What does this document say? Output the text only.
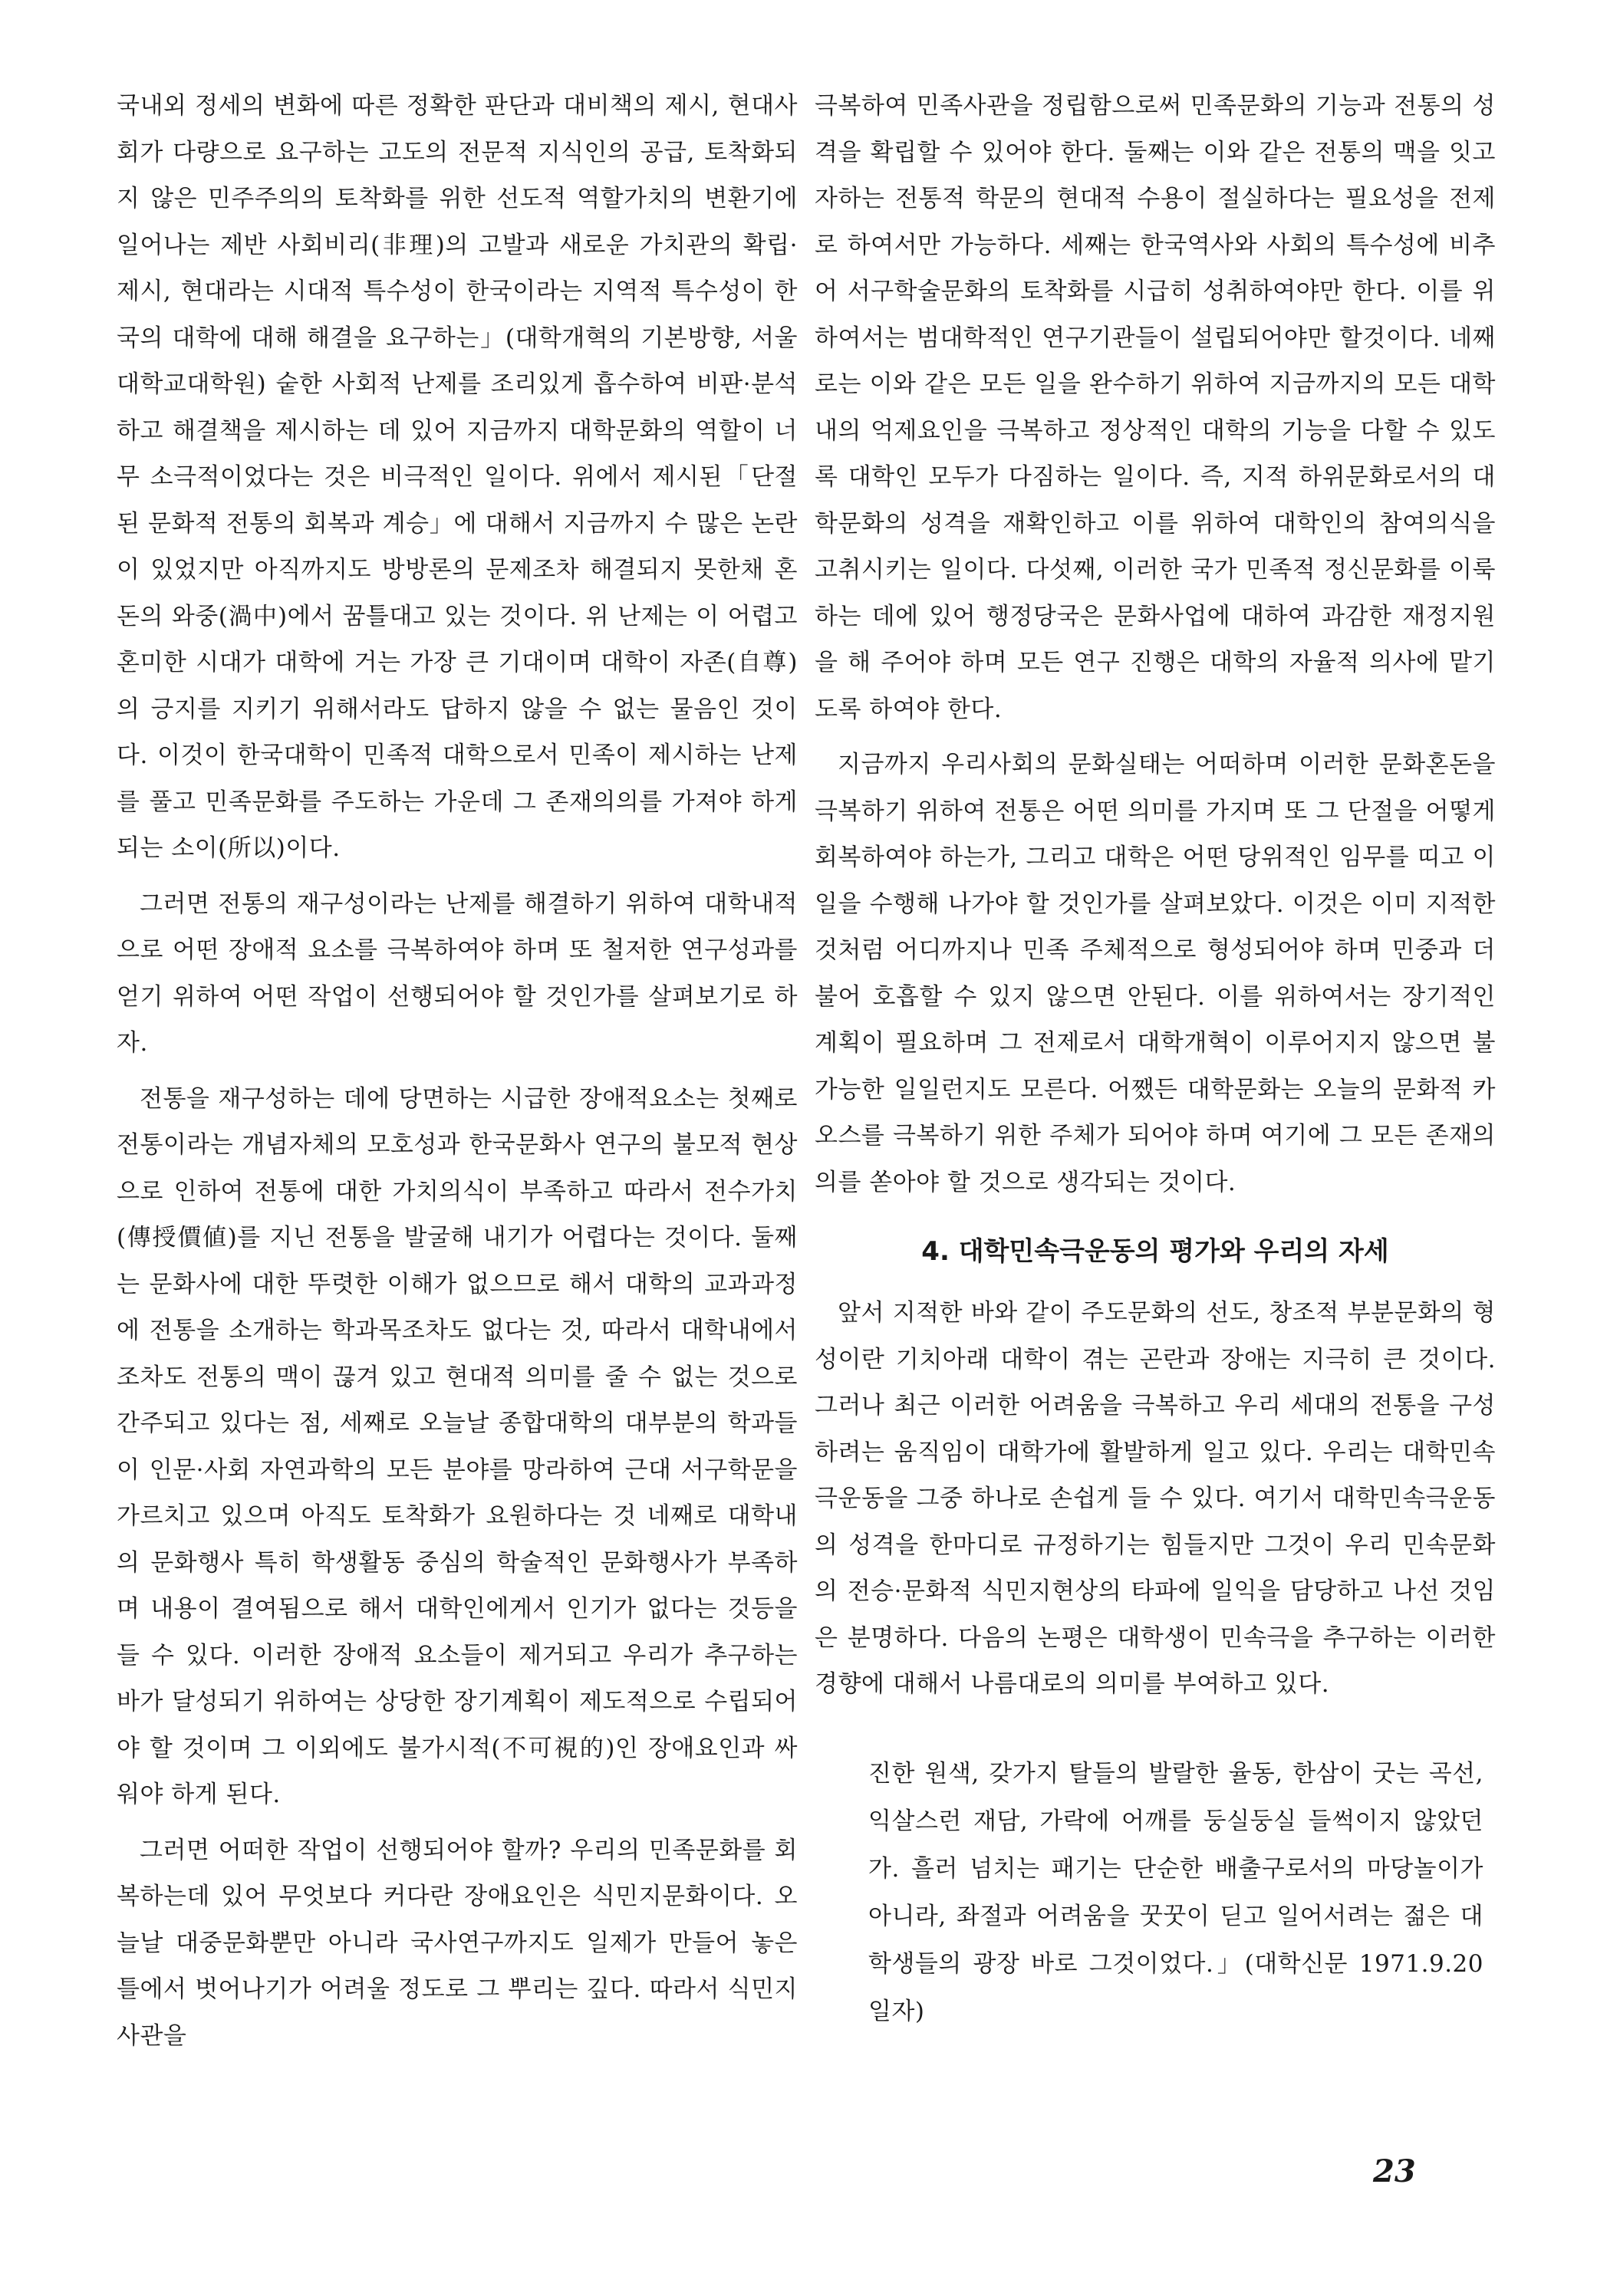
국내외 정세의 변화에 따른 정확한 판단과 대비책의 제시, 현대사회가 다량으로 요구하는 고도의 전문적 지식인의 공급, 토착화되지 않은 민주주의의 토착화를 위한 선도적 역할가치의 변환기에 일어나는 제반 사회비리(非理)의 고발과 새로운 가치관의 확립·제시, 현대라는 시대적 특수성이 한국이라는 지역적 특수성이 한국의 대학에 대해 해결을 요구하는」(대학개혁의 기본방향, 서울대학교대학원) 숱한 사회적 난제를 조리있게 흡수하여 비판·분석하고 해결책을 제시하는 데 있어 지금까지 대학문화의 역할이 너무 소극적이었다는 것은 비극적인 일이다. 위에서 제시된「단절된 문화적 전통의 회복과 계승」에 대해서 지금까지 수 많은 논란이 있었지만 아직까지도 방방론의 문제조차 해결되지 못한채 혼돈의 와중(渦中)에서 꿈틀대고 있는 것이다. 위 난제는 이 어렵고 혼미한 시대가 대학에 거는 가장 큰 기대이며 대학이 자존(自尊)의 긍지를 지키기 위해서라도 답하지 않을 수 없는 물음인 것이다. 이것이 한국대학이 민족적 대학으로서 민족이 제시하는 난제를 풀고 민족문화를 주도하는 가운데 그 존재의의를 가져야 하게 되는 소이(所以)이다.

그러면 전통의 재구성이라는 난제를 해결하기 위하여 대학내적으로 어떤 장애적 요소를 극복하여야 하며 또 철저한 연구성과를 얻기 위하여 어떤 작업이 선행되어야 할 것인가를 살펴보기로 하자.

전통을 재구성하는 데에 당면하는 시급한 장애적요소는 첫째로 전통이라는 개념자체의 모호성과 한국문화사 연구의 불모적 현상으로 인하여 전통에 대한 가치의식이 부족하고 따라서 전수가치(傳授價値)를 지닌 전통을 발굴해 내기가 어렵다는 것이다. 둘째는 문화사에 대한 뚜렷한 이해가 없으므로 해서 대학의 교과과정에 전통을 소개하는 학과목조차도 없다는 것, 따라서 대학내에서조차도 전통의 맥이 끊겨 있고 현대적 의미를 줄 수 없는 것으로 간주되고 있다는 점, 세째로 오늘날 종합대학의 대부분의 학과들이 인문·사회 자연과학의 모든 분야를 망라하여 근대 서구학문을 가르치고 있으며 아직도 토착화가 요원하다는 것 네째로 대학내의 문화행사 특히 학생활동 중심의 학술적인 문화행사가 부족하며 내용이 결여됨으로 해서 대학인에게서 인기가 없다는 것등을 들 수 있다. 이러한 장애적 요소들이 제거되고 우리가 추구하는 바가 달성되기 위하여는 상당한 장기계획이 제도적으로 수립되어야 할 것이며 그 이외에도 불가시적(不可視的)인 장애요인과 싸워야 하게 된다.

그러면 어떠한 작업이 선행되어야 할까? 우리의 민족문화를 회복하는데 있어 무엇보다 커다란 장애요인은 식민지문화이다. 오늘날 대중문화뿐만 아니라 국사연구까지도 일제가 만들어 놓은 틀에서 벗어나기가 어려울 정도로 그 뿌리는 깊다. 따라서 식민지 사관을

극복하여 민족사관을 정립함으로써 민족문화의 기능과 전통의 성격을 확립할 수 있어야 한다. 둘째는 이와 같은 전통의 맥을 잇고자하는 전통적 학문의 현대적 수용이 절실하다는 필요성을 전제로 하여서만 가능하다. 세째는 한국역사와 사회의 특수성에 비추어 서구학술문화의 토착화를 시급히 성취하여야만 한다. 이를 위하여서는 범대학적인 연구기관들이 설립되어야만 할것이다. 네째로는 이와 같은 모든 일을 완수하기 위하여 지금까지의 모든 대학내의 억제요인을 극복하고 정상적인 대학의 기능을 다할 수 있도록 대학인 모두가 다짐하는 일이다. 즉, 지적 하위문화로서의 대학문화의 성격을 재확인하고 이를 위하여 대학인의 참여의식을 고취시키는 일이다. 다섯째, 이러한 국가 민족적 정신문화를 이룩하는 데에 있어 행정당국은 문화사업에 대하여 과감한 재정지원을 해 주어야 하며 모든 연구 진행은 대학의 자율적 의사에 맡기도록 하여야 한다.

지금까지 우리사회의 문화실태는 어떠하며 이러한 문화혼돈을 극복하기 위하여 전통은 어떤 의미를 가지며 또 그 단절을 어떻게 회복하여야 하는가, 그리고 대학은 어떤 당위적인 임무를 띠고 이 일을 수행해 나가야 할 것인가를 살펴보았다. 이것은 이미 지적한 것처럼 어디까지나 민족 주체적으로 형성되어야 하며 민중과 더불어 호흡할 수 있지 않으면 안된다. 이를 위하여서는 장기적인 계획이 필요하며 그 전제로서 대학개혁이 이루어지지 않으면 불가능한 일일런지도 모른다. 어쨌든 대학문화는 오늘의 문화적 카오스를 극복하기 위한 주체가 되어야 하며 여기에 그 모든 존재의 의를 쏟아야 할 것으로 생각되는 것이다.

4. 대학민속극운동의 평가와 우리의 자세

앞서 지적한 바와 같이 주도문화의 선도, 창조적 부분문화의 형성이란 기치아래 대학이 겪는 곤란과 장애는 지극히 큰 것이다. 그러나 최근 이러한 어려움을 극복하고 우리 세대의 전통을 구성하려는 움직임이 대학가에 활발하게 일고 있다. 우리는 대학민속극운동을 그중 하나로 손쉽게 들 수 있다. 여기서 대학민속극운동의 성격을 한마디로 규정하기는 힘들지만 그것이 우리 민속문화의 전승·문화적 식민지현상의 타파에 일익을 담당하고 나선 것임은 분명하다. 다음의 논평은 대학생이 민속극을 추구하는 이러한 경향에 대해서 나름대로의 의미를 부여하고 있다.

진한 원색, 갖가지 탈들의 발랄한 율동, 한삼이 굿는 곡선, 익살스런 재담, 가락에 어깨를 둥실둥실 들썩이지 않았던가. 흘러 넘치는 패기는 단순한 배출구로서의 마당놀이가 아니라, 좌절과 어려움을 꿋꿋이 딛고 일어서려는 젊은 대학생들의 광장 바로 그것이었다.」(대학신문 1971.9.20일자)

23
